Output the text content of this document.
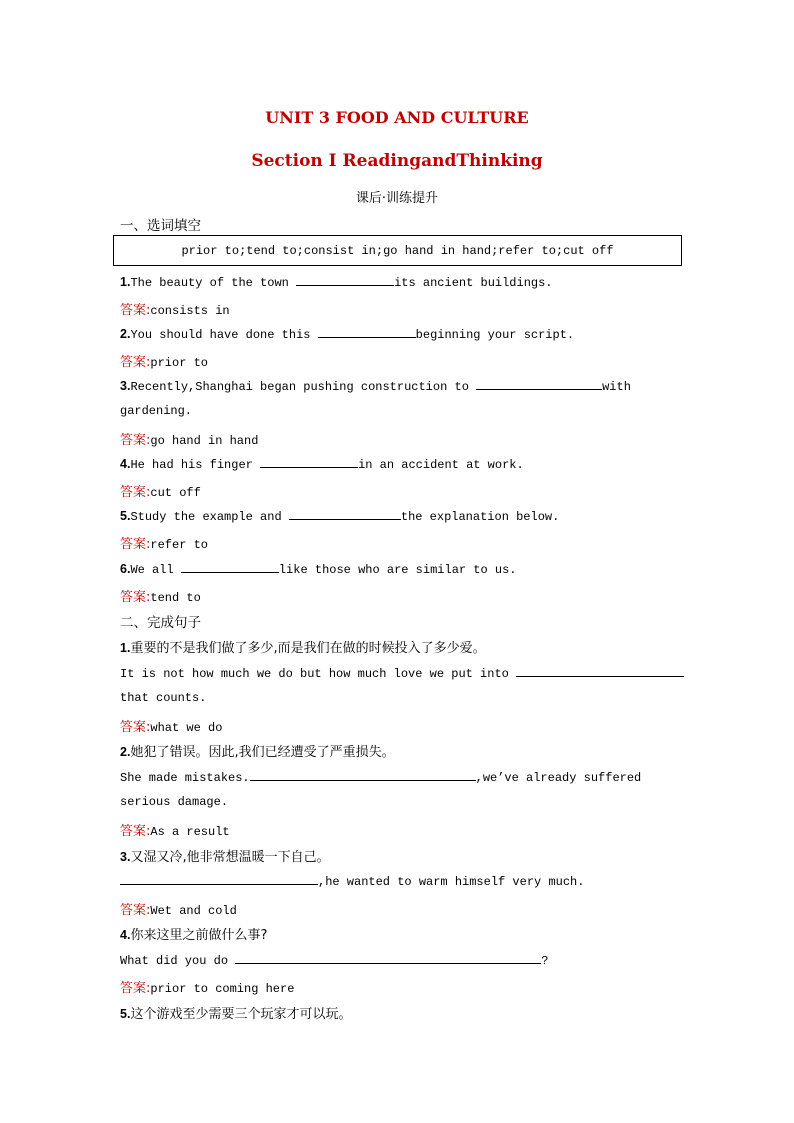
UNIT 3 FOOD AND CULTURE
Section Ⅰ ReadingandThinking
课后·训练提升
一、选词填空
prior to;tend to;consist in;go hand in hand;refer to;cut off
1.The beauty of the town	its ancient buildings.
答案:consists in
2.You should have done this	beginning your script.
答案:prior to
3.Recently,Shanghai began pushing construction to	with
gardening.
答案:go hand in hand
4.He had his finger	in an accident at work.
答案:cut off
5.Study the example and	the explanation below.
答案:refer to
6.We all	like those who are similar to us.
答案:tend to
二、完成句子
1.重要的不是我们做了多少,而是我们在做的时候投入了多少爱。
It is not how much we do but how much love we put into
that counts.
答案:what we do
2.她犯了错误。因此,我们已经遭受了严重损失。
She made mistakes.	,we’ve already suffered
serious damage.
答案:As a result
3.又湿又冷,他非常想温暖一下自己。
,he wanted to warm himself very much.
答案:Wet and cold
4.你来这里之前做什么事?
What did you do	?
答案:prior to coming here
5.这个游戏至少需要三个玩家才可以玩。
